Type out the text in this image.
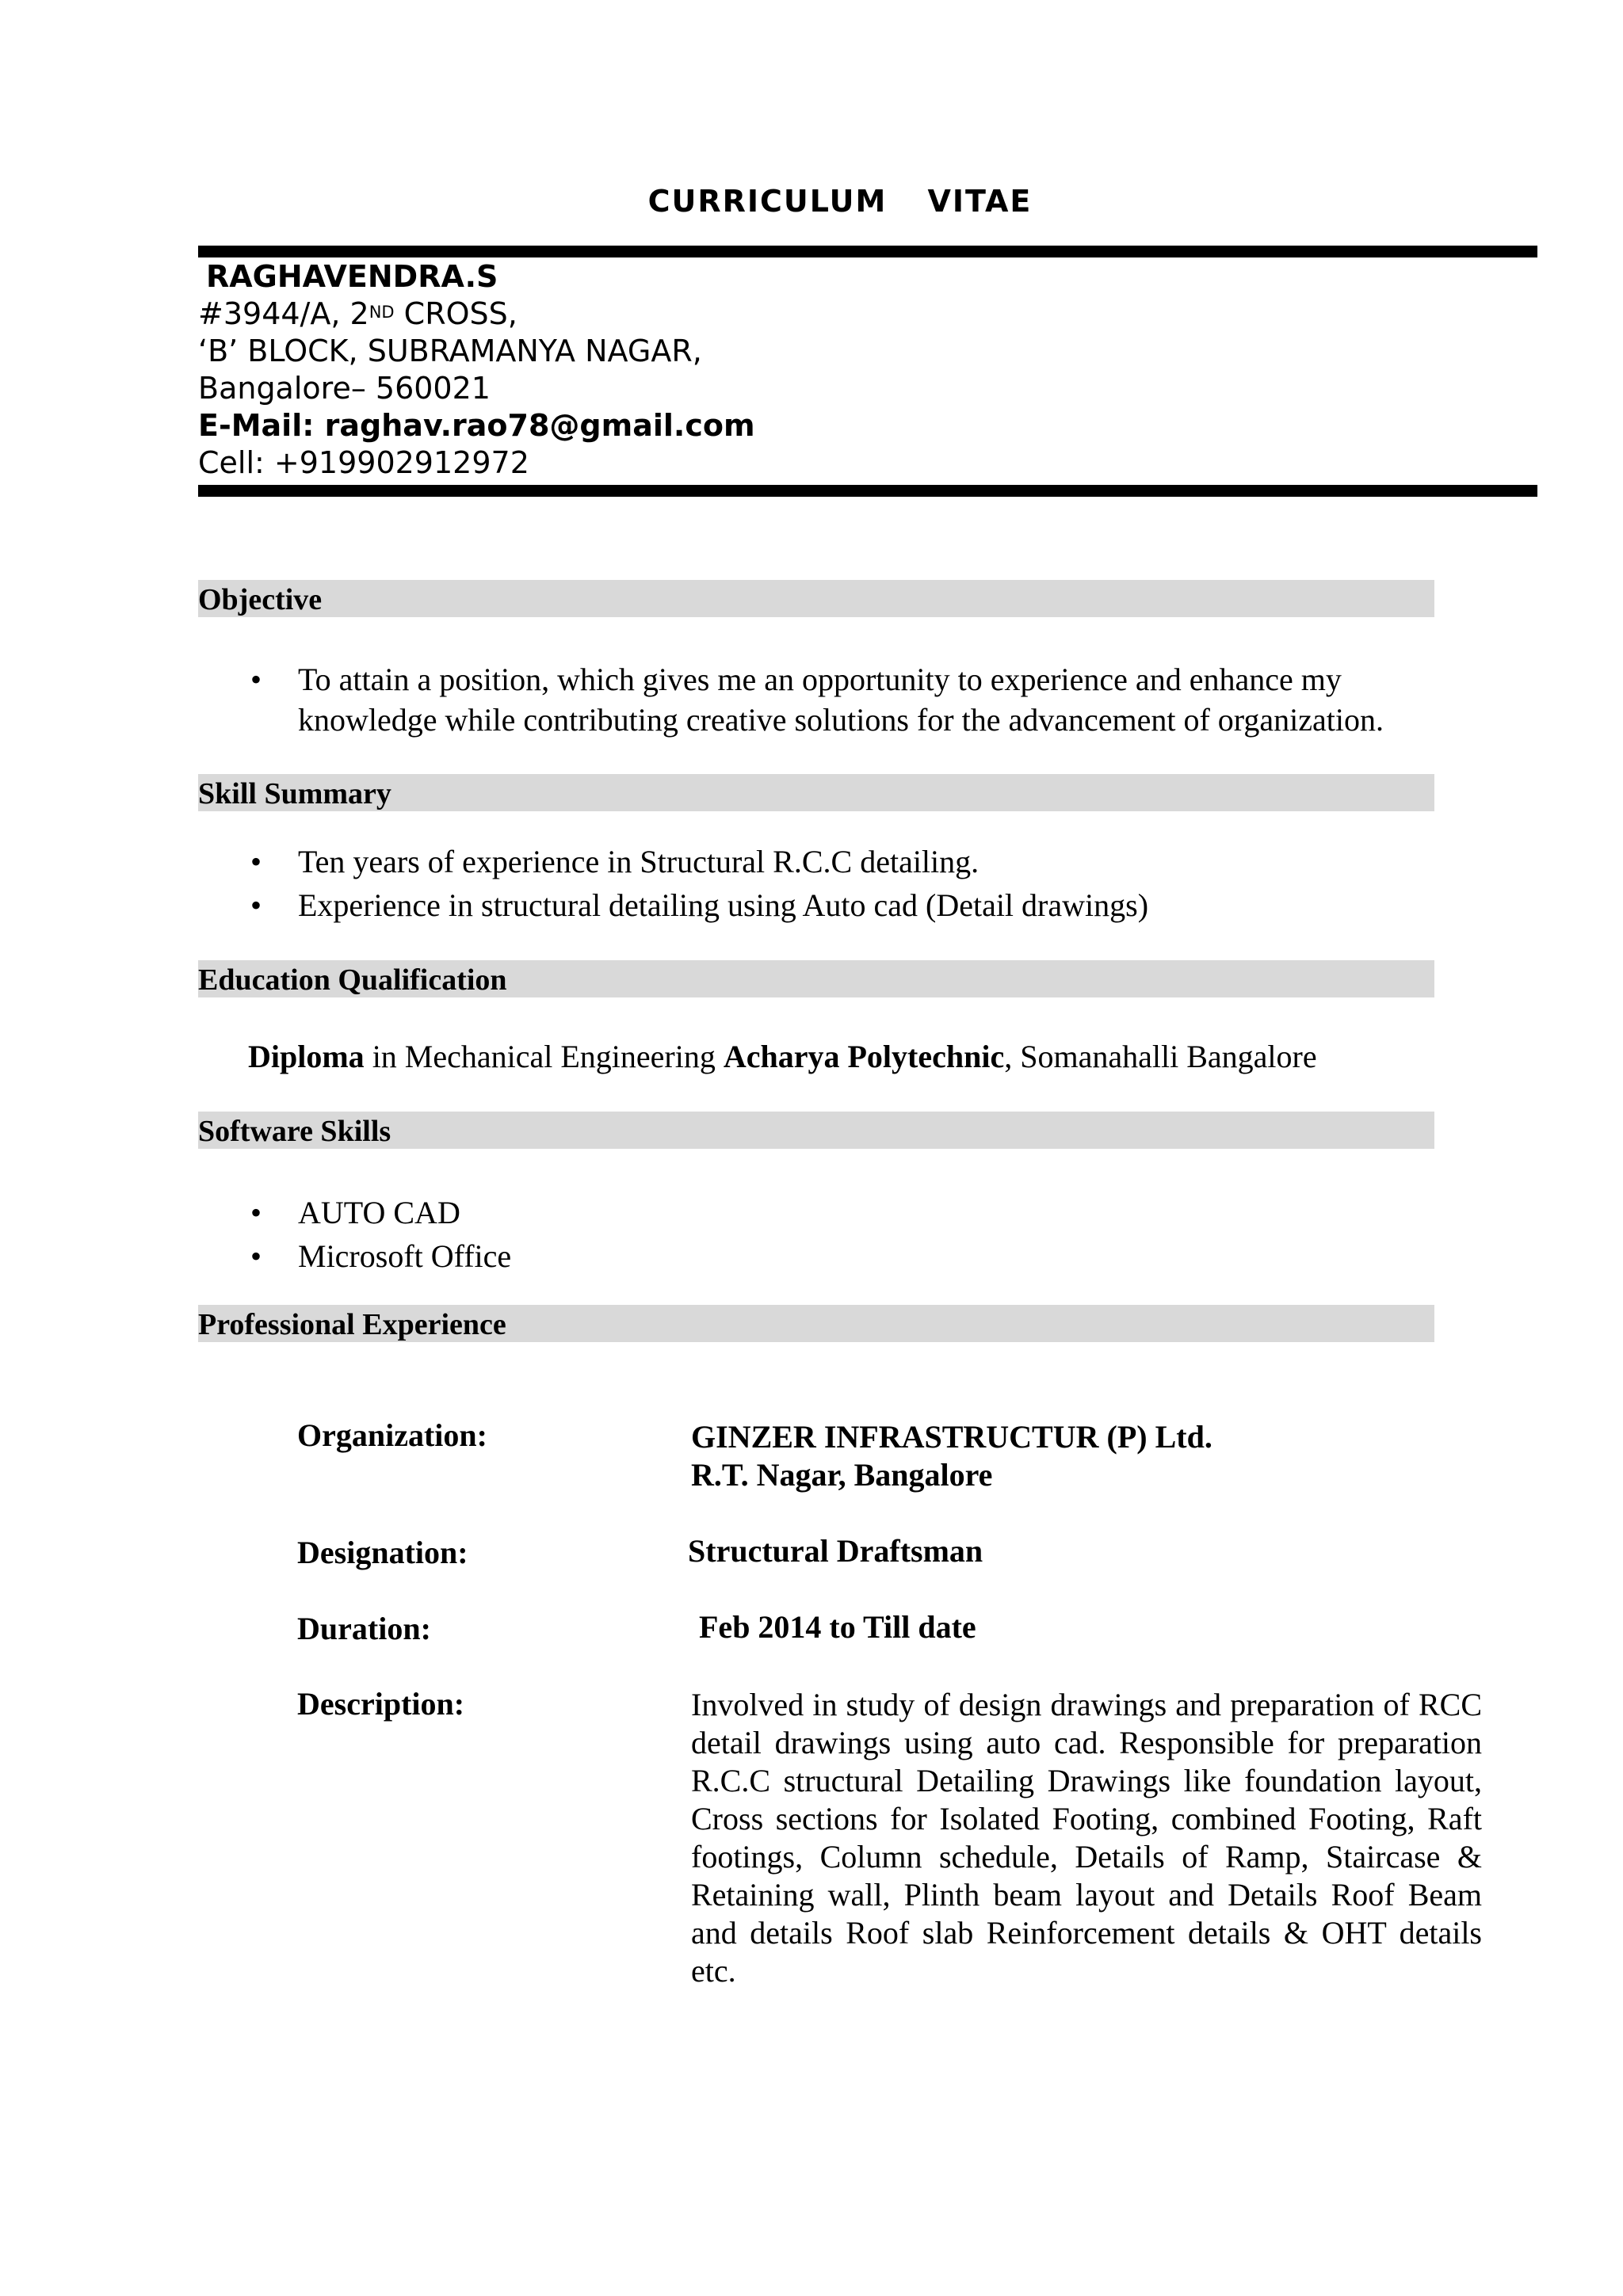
CURRICULUM VITAE
RAGHAVENDRA.S
#3944/A, 2ND CROSS,
‘B’ BLOCK, SUBRAMANYA NAGAR,
Bangalore– 560021
E-Mail: raghav.rao78@gmail.com
Cell: +919902912972
Objective
• To attain a position, which gives me an opportunity to experience and enhance my
knowledge while contributing creative solutions for the advancement of organization.
Skill Summary
• Ten years of experience in Structural R.C.C detailing.
• Experience in structural detailing using Auto cad (Detail drawings)
Education Qualification
Diploma in Mechanical Engineering Acharya Polytechnic, Somanahalli Bangalore
Software Skills
• AUTO CAD
• Microsoft Office
Professional Experience
Organization:	GINZER INFRASTRUCTUR (P) Ltd.
R.T. Nagar, Bangalore
Designation:	Structural Draftsman
Duration:	Feb 2014 to Till date
Description:	Involved in study of design drawings and preparation of RCC detail drawings using auto cad. Responsible for preparation R.C.C structural Detailing Drawings like foundation layout, Cross sections for Isolated Footing, combined Footing, Raft footings, Column schedule, Details of Ramp, Staircase & Retaining wall, Plinth beam layout and Details Roof Beam and details Roof slab Reinforcement details & OHT details etc.
